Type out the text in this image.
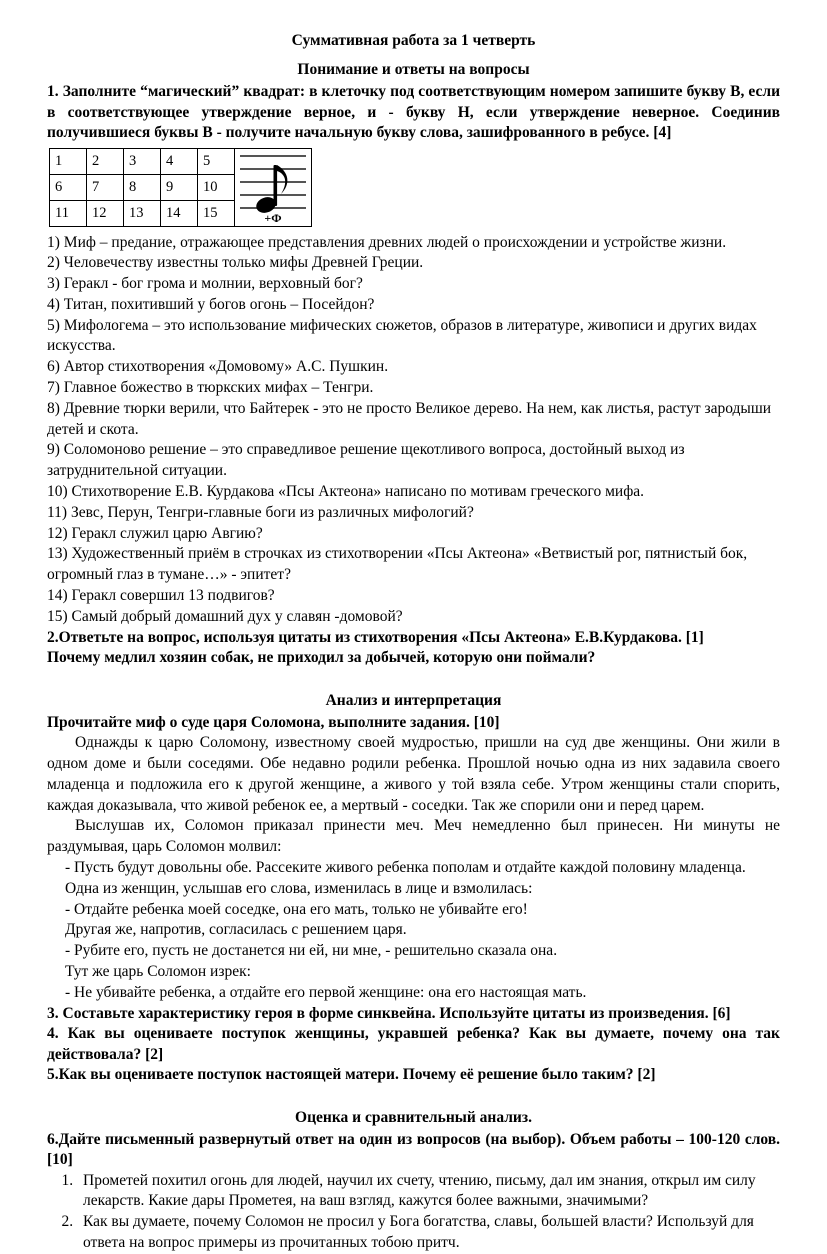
Суммативная работа за 1 четверть
Понимание и ответы на вопросы
1. Заполните “магический” квадрат: в клеточку под соответствующим номером запишите букву В, если в соответствующее утверждение верное, и - букву Н, если утверждение неверное. Соединив получившиеся буквы В - получите начальную букву слова, зашифрованного в ребусе. [4]
1	2	3	4	5	+Ф

6	7	8	9	10	
11	12	13	14	15	
1) Миф – предание, отражающее представления древних людей о происхождении и устройстве жизни.
2) Человечеству известны только мифы Древней Греции.
3) Геракл - бог грома и молнии, верховный бог?
4) Титан, похитивший у богов огонь – Посейдон?
5) Мифологема – это использование мифических сюжетов, образов в литературе, живописи и других видах искусства.
6) Автор стихотворения «Домовому» А.С. Пушкин.
7) Главное божество в тюркских мифах – Тенгри.
8) Древние тюрки верили, что Байтерек - это не просто Великое дерево. На нем, как листья, растут зародыши детей и скота.
9) Соломоново решение – это справедливое решение щекотливого вопроса, достойный выход из затруднительной ситуации.
10) Стихотворение Е.В. Курдакова «Псы Актеона» написано по мотивам греческого мифа.
11) Зевс, Перун, Тенгри-главные боги из различных мифологий?
12) Геракл служил царю Авгию?
13) Художественный приём в строчках из стихотворении «Псы Актеона» «Ветвистый рог, пятнистый бок, огромный глаз в тумане…» - эпитет?
14) Геракл совершил 13 подвигов?
15) Самый добрый домашний дух у славян -домовой?
2.Ответьте на вопрос, используя цитаты из стихотворения «Псы Актеона» Е.В.Курдакова. [1]
Почему медлил хозяин собак, не приходил за добычей, которую они поймали?
Анализ и интерпретация
Прочитайте миф о суде царя Соломона, выполните задания. [10]
Однажды к царю Соломону, известному своей мудростью, пришли на суд две женщины. Они жили в одном доме и были соседями. Обе недавно родили ребенка. Прошлой ночью одна из них задавила своего младенца и подложила его к другой женщине, а живого у той взяла себе. Утром женщины стали спорить, каждая доказывала, что живой ребенок ее, а мертвый - соседки. Так же спорили они и перед царем.
Выслушав их, Соломон приказал принести меч. Меч немедленно был принесен. Ни минуты не раздумывая, царь Соломон молвил:
- Пусть будут довольны обе. Рассеките живого ребенка пополам и отдайте каждой половину младенца.
Одна из женщин, услышав его слова, изменилась в лице и взмолилась:
- Отдайте ребенка моей соседке, она его мать, только не убивайте его!
Другая же, напротив, согласилась с решением царя.
- Рубите его, пусть не достанется ни ей, ни мне, - решительно сказала она.
Тут же царь Соломон изрек:
- Не убивайте ребенка, а отдайте его первой женщине: она его настоящая мать.
3. Составьте характеристику героя в форме синквейна. Используйте цитаты из произведения. [6]
4. Как вы оцениваете поступок женщины, укравшей ребенка? Как вы думаете, почему она так действовала? [2]
5.Как вы оцениваете поступок настоящей матери. Почему её решение было таким? [2]
Оценка и сравнительный анализ.
6.Дайте письменный развернутый ответ на один из вопросов (на выбор). Объем работы – 100-120 слов. [10]
1. Прометей похитил огонь для людей, научил их счету, чтению, письму, дал им знания, открыл им силу лекарств. Какие дары Прометея, на ваш взгляд, кажутся более важными, значимыми?
2. Как вы думаете, почему Соломон не просил у Бога богатства, славы, большей власти? Используй для ответа на вопрос примеры из прочитанных тобою притч.
